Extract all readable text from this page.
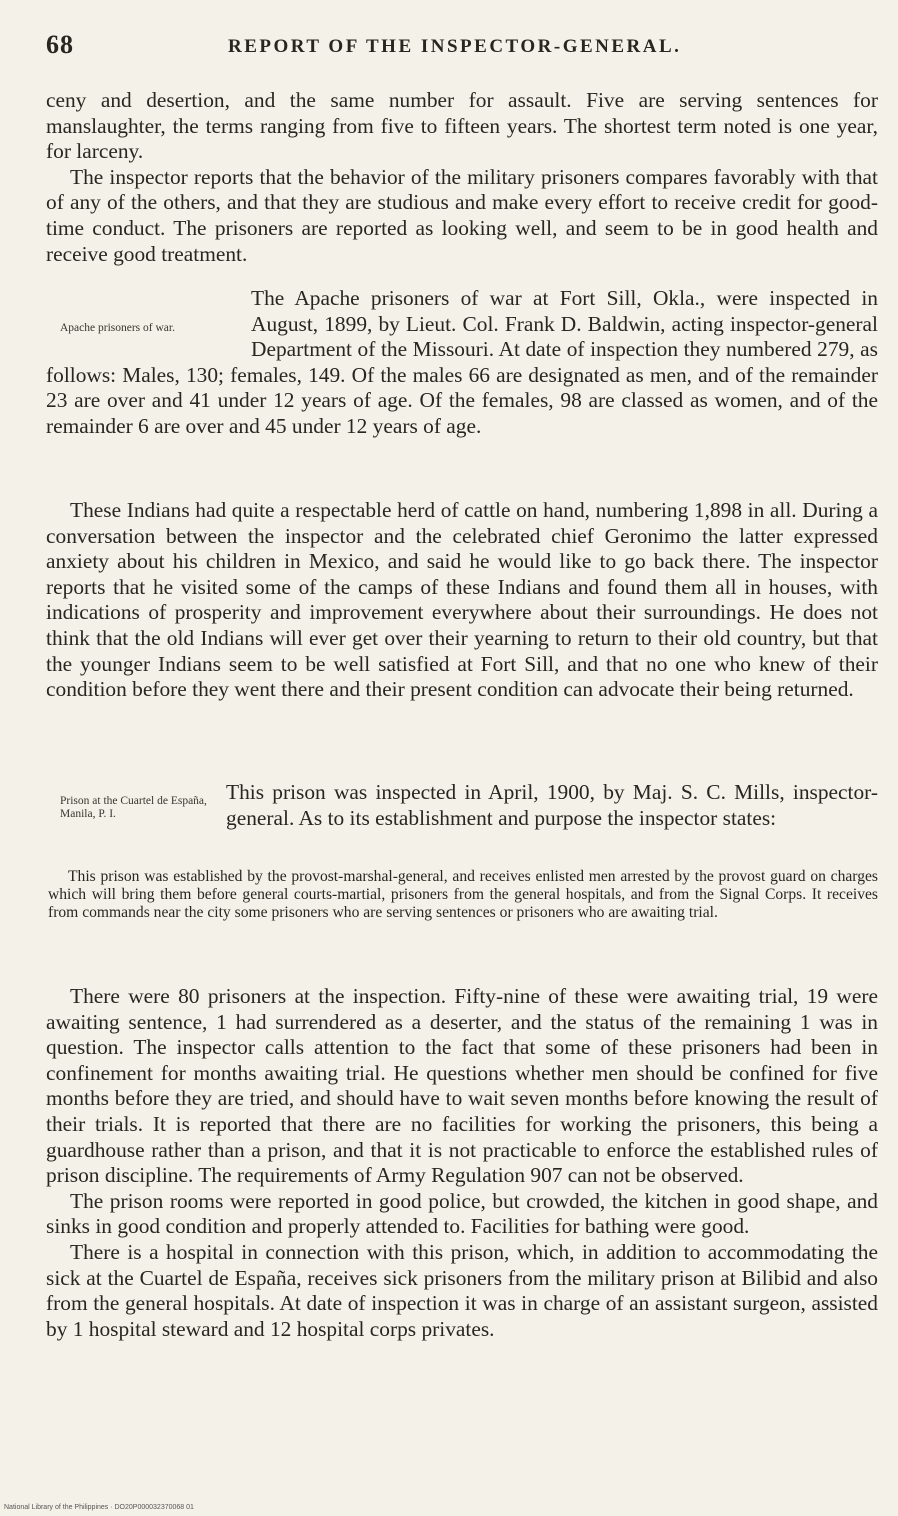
68	REPORT OF THE INSPECTOR-GENERAL.

ceny and desertion, and the same number for assault. Five are serving sentences for manslaughter, the terms ranging from five to fifteen years. The shortest term noted is one year, for larceny.

The inspector reports that the behavior of the military prisoners compares favorably with that of any of the others, and that they are studious and make every effort to receive credit for good-time conduct. The prisoners are reported as looking well, and seem to be in good health and receive good treatment.

Apache prisoners of war.

The Apache prisoners of war at Fort Sill, Okla., were inspected in August, 1899, by Lieut. Col. Frank D. Baldwin, acting inspector-general Department of the Missouri. At date of inspection they numbered 279, as follows: Males, 130; females, 149. Of the males 66 are designated as men, and of the remainder 23 are over and 41 under 12 years of age. Of the females, 98 are classed as women, and of the remainder 6 are over and 45 under 12 years of age.

These Indians had quite a respectable herd of cattle on hand, numbering 1,898 in all. During a conversation between the inspector and the celebrated chief Geronimo the latter expressed anxiety about his children in Mexico, and said he would like to go back there. The inspector reports that he visited some of the camps of these Indians and found them all in houses, with indications of prosperity and improvement everywhere about their surroundings. He does not think that the old Indians will ever get over their yearning to return to their old country, but that the younger Indians seem to be well satisfied at Fort Sill, and that no one who knew of their condition before they went there and their present condition can advocate their being returned.

Prison at the Cuartel de España, Manila, P. I.

This prison was inspected in April, 1900, by Maj. S. C. Mills, inspector-general. As to its establishment and purpose the inspector states:

This prison was established by the provost-marshal-general, and receives enlisted men arrested by the provost guard on charges which will bring them before general courts-martial, prisoners from the general hospitals, and from the Signal Corps. It receives from commands near the city some prisoners who are serving sentences or prisoners who are awaiting trial.

There were 80 prisoners at the inspection. Fifty-nine of these were awaiting trial, 19 were awaiting sentence, 1 had surrendered as a deserter, and the status of the remaining 1 was in question. The inspector calls attention to the fact that some of these prisoners had been in confinement for months awaiting trial. He questions whether men should be confined for five months before they are tried, and should have to wait seven months before knowing the result of their trials. It is reported that there are no facilities for working the prisoners, this being a guardhouse rather than a prison, and that it is not practicable to enforce the established rules of prison discipline. The requirements of Army Regulation 907 can not be observed.

The prison rooms were reported in good police, but crowded, the kitchen in good shape, and sinks in good condition and properly attended to. Facilities for bathing were good.

There is a hospital in connection with this prison, which, in addition to accommodating the sick at the Cuartel de España, receives sick prisoners from the military prison at Bilibid and also from the general hospitals. At date of inspection it was in charge of an assistant surgeon, assisted by 1 hospital steward and 12 hospital corps privates.

National Library of the Philippines · DO20P000032370068 01
